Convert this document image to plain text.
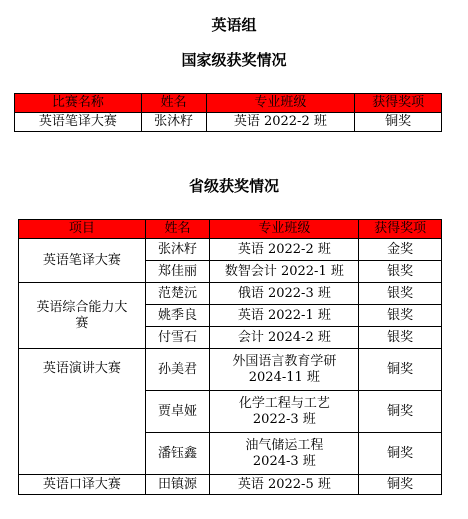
英语组
国家级获奖情况
比赛名称	姓名	专业班级	获得奖项
英语笔译大赛	张沐籽	英语 2022-2 班	铜奖
省级获奖情况
项目	姓名	专业班级	获得奖项
英语笔译大赛	张沐籽	英语 2022-2 班	金奖
	郑佳丽	数智会计 2022-1 班	银奖
英语综合能力大赛	范楚沅	俄语 2022-3 班	银奖
	姚季良	英语 2022-1 班	银奖
	付雪石	会计 2024-2 班	银奖
英语演讲大赛	孙美君	外国语言教育学研 2024-11 班	铜奖
	贾卓娅	化学工程与工艺 2022-3 班	铜奖
	潘钰鑫	油气储运工程 2024-3 班	铜奖
英语口译大赛	田镇源	英语 2022-5 班	铜奖
